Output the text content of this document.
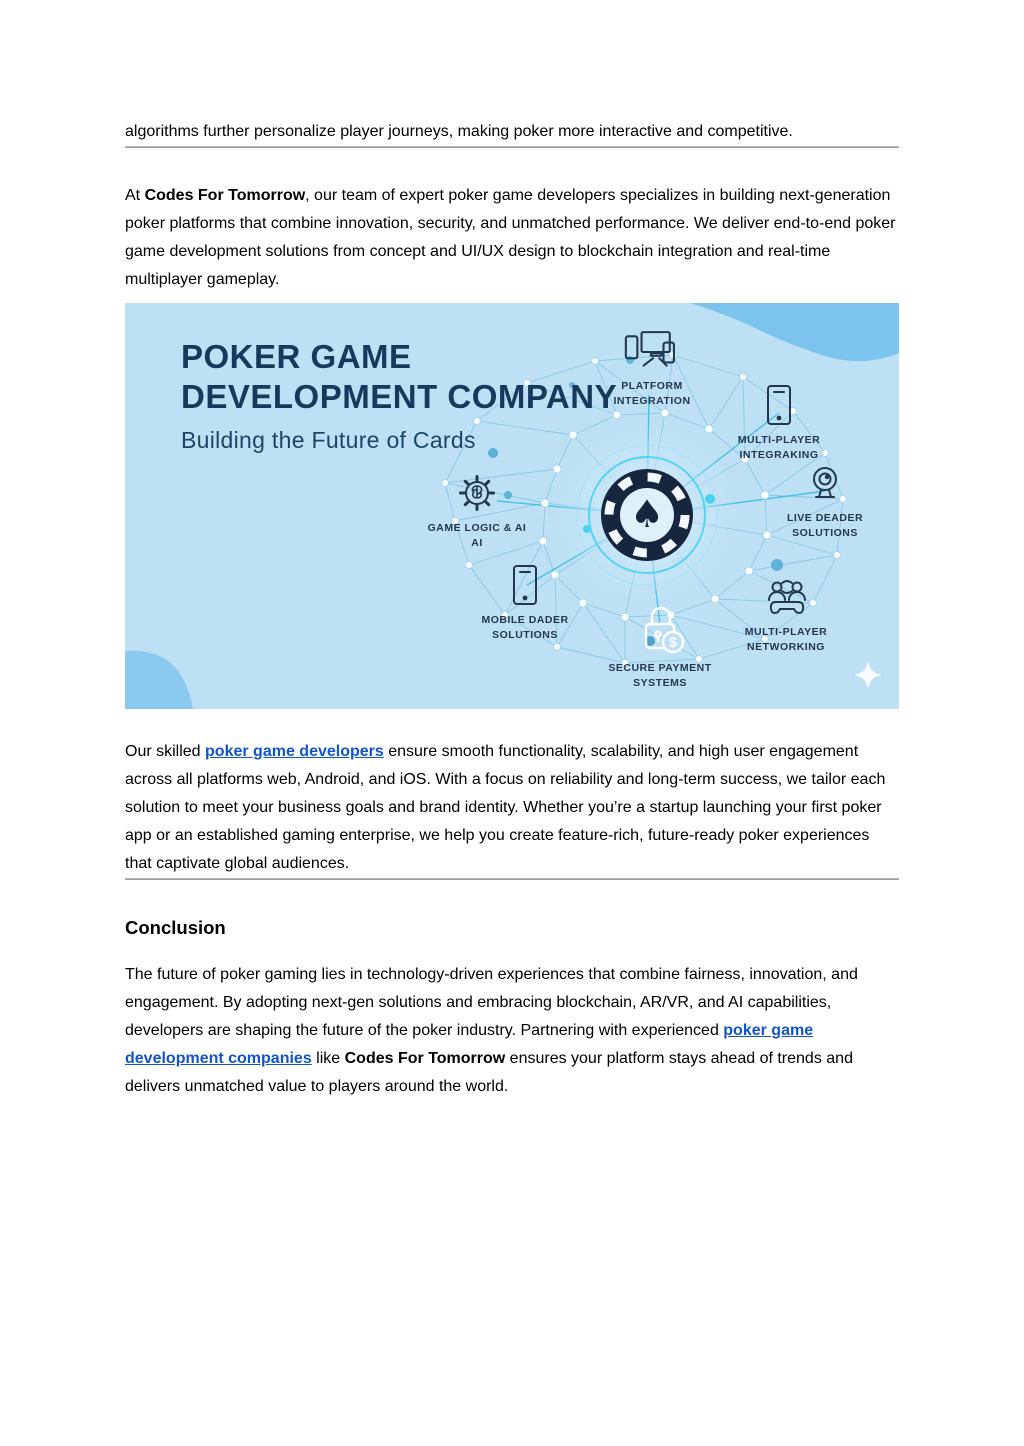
algorithms further personalize player journeys, making poker more interactive and competitive.

At Codes For Tomorrow, our team of expert poker game developers specializes in building next-generation poker platforms that combine innovation, security, and unmatched performance. We deliver end-to-end poker game development solutions from concept and UI/UX design to blockchain integration and real-time multiplayer gameplay.

♠
POKER GAME
DEVELOPMENT COMPANY
Building the Future of Cards
PLATFORM
INTEGRATION
MULTI-PLAYER
INTEGRAKING
LIVE DEADER
SOLUTIONS
GAME LOGIC & AI
AI
MOBILE DADER
SOLUTIONS	$
SECURE PAYMENT
SYSTEMS
MULTI-PLAYER
NETWORKING

Our skilled poker game developers ensure smooth functionality, scalability, and high user engagement across all platforms web, Android, and iOS. With a focus on reliability and long-term success, we tailor each solution to meet your business goals and brand identity. Whether you’re a startup launching your first poker app or an established gaming enterprise, we help you create feature-rich, future-ready poker experiences that captivate global audiences.

Conclusion

The future of poker gaming lies in technology-driven experiences that combine fairness, innovation, and engagement. By adopting next-gen solutions and embracing blockchain, AR/VR, and AI capabilities, developers are shaping the future of the poker industry. Partnering with experienced poker game development companies like Codes For Tomorrow ensures your platform stays ahead of trends and delivers unmatched value to players around the world.
